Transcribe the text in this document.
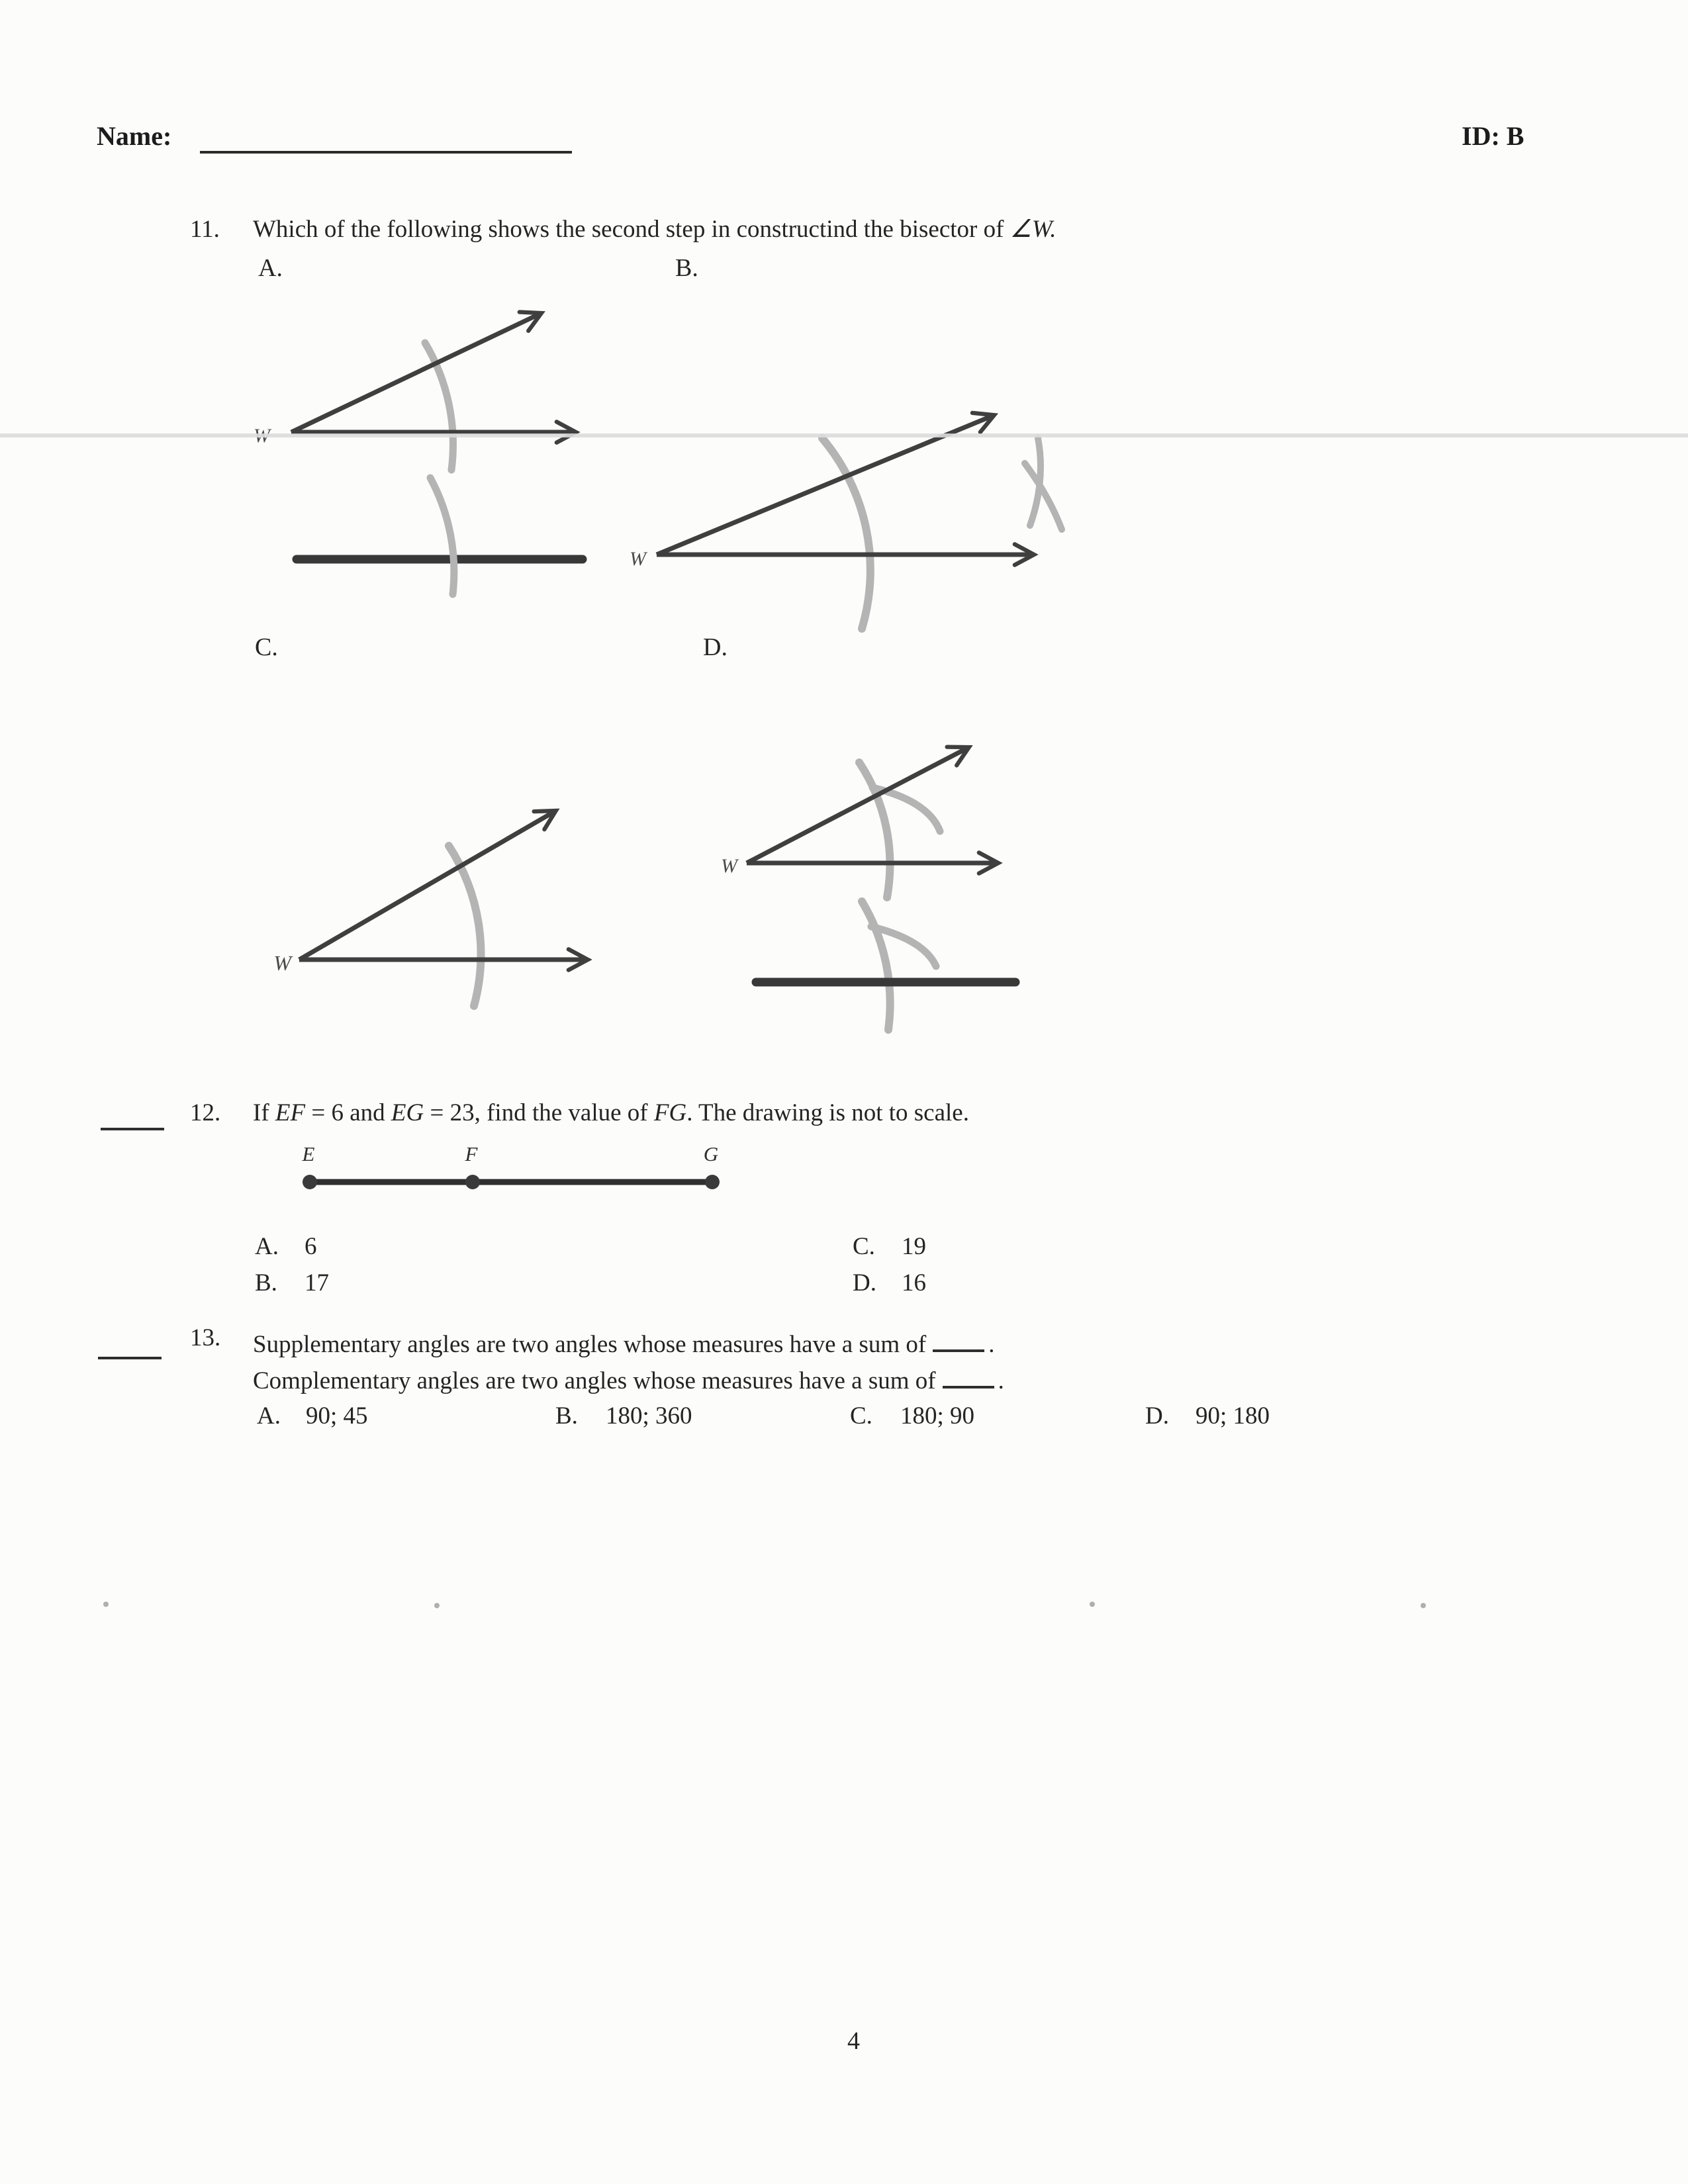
W
W
W
W
E	F	G
Name:	ID: B
11. Which of the following shows the second step in constructind the bisector of ∠W.
A.	B.
C.	D.
12. If EF = 6 and EG = 23, find the value of FG. The drawing is not to scale.
A. 6
B. 17
C. 19
D. 16
13. Supplementary angles are two angles whose measures have a sum of	.
Complementary angles are two angles whose measures have a sum of	.
A. 90; 45	B. 180; 360	C. 180; 90	D. 90; 180
4
